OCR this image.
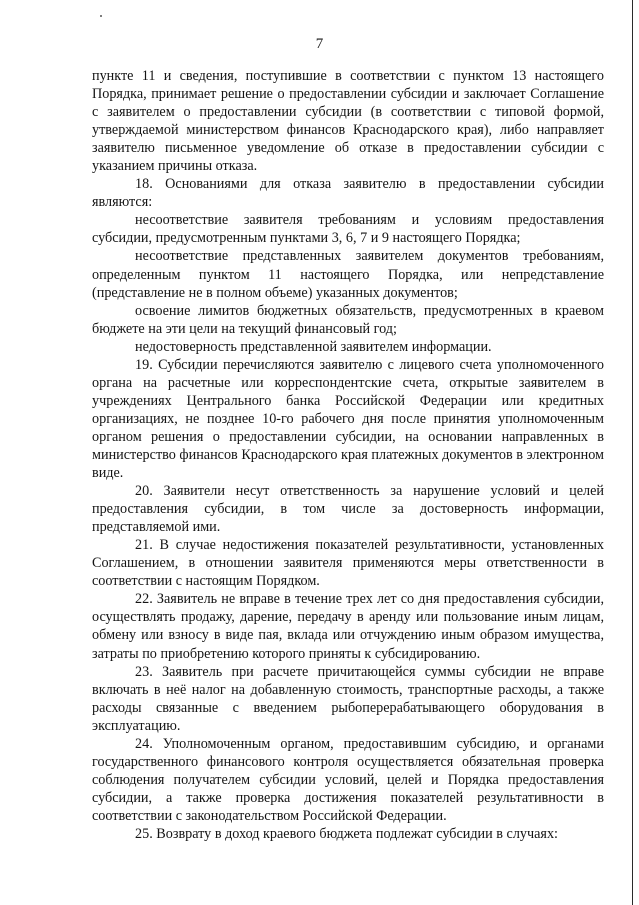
7

пункте 11 и сведения, поступившие в соответствии с пунктом 13 настоящего Порядка, принимает решение о предоставлении субсидии и заключает Соглашение с заявителем о предоставлении субсидии (в соответствии с типовой формой, утверждаемой министерством финансов Краснодарского края), либо направляет заявителю письменное уведомление об отказе в предоставлении субсидии с указанием причины отказа.

18. Основаниями для отказа заявителю в предоставлении субсидии являются:

несоответствие заявителя требованиям и условиям предоставления субсидии, предусмотренным пунктами 3, 6, 7 и 9 настоящего Порядка;

несоответствие представленных заявителем документов требованиям, определенным пунктом 11 настоящего Порядка, или непредставление (представление не в полном объеме) указанных документов;

освоение лимитов бюджетных обязательств, предусмотренных в краевом бюджете на эти цели на текущий финансовый год;

недостоверность представленной заявителем информации.

19. Субсидии перечисляются заявителю с лицевого счета уполномоченного органа на расчетные или корреспондентские счета, открытые заявителем в учреждениях Центрального банка Российской Федерации или кредитных организациях, не позднее 10-го рабочего дня после принятия уполномоченным органом решения о предоставлении субсидии, на основании направленных в министерство финансов Краснодарского края платежных документов в электронном виде.

20. Заявители несут ответственность за нарушение условий и целей предоставления субсидии, в том числе за достоверность информации, представляемой ими.

21. В случае недостижения показателей результативности, установленных Соглашением, в отношении заявителя применяются меры ответственности в соответствии с настоящим Порядком.

22. Заявитель не вправе в течение трех лет со дня предоставления субсидии, осуществлять продажу, дарение, передачу в аренду или пользование иным лицам, обмену или взносу в виде пая, вклада или отчуждению иным образом имущества, затраты по приобретению которого приняты к субсидированию.

23. Заявитель при расчете причитающейся суммы субсидии не вправе включать в неё налог на добавленную стоимость, транспортные расходы, а также расходы связанные с введением рыбоперерабатывающего оборудования в эксплуатацию.

24. Уполномоченным органом, предоставившим субсидию, и органами государственного финансового контроля осуществляется обязательная проверка соблюдения получателем субсидии условий, целей и Порядка предоставления субсидии, а также проверка достижения показателей результативности в соответствии с законодательством Российской Федерации.

25. Возврату в доход краевого бюджета подлежат субсидии в случаях:
